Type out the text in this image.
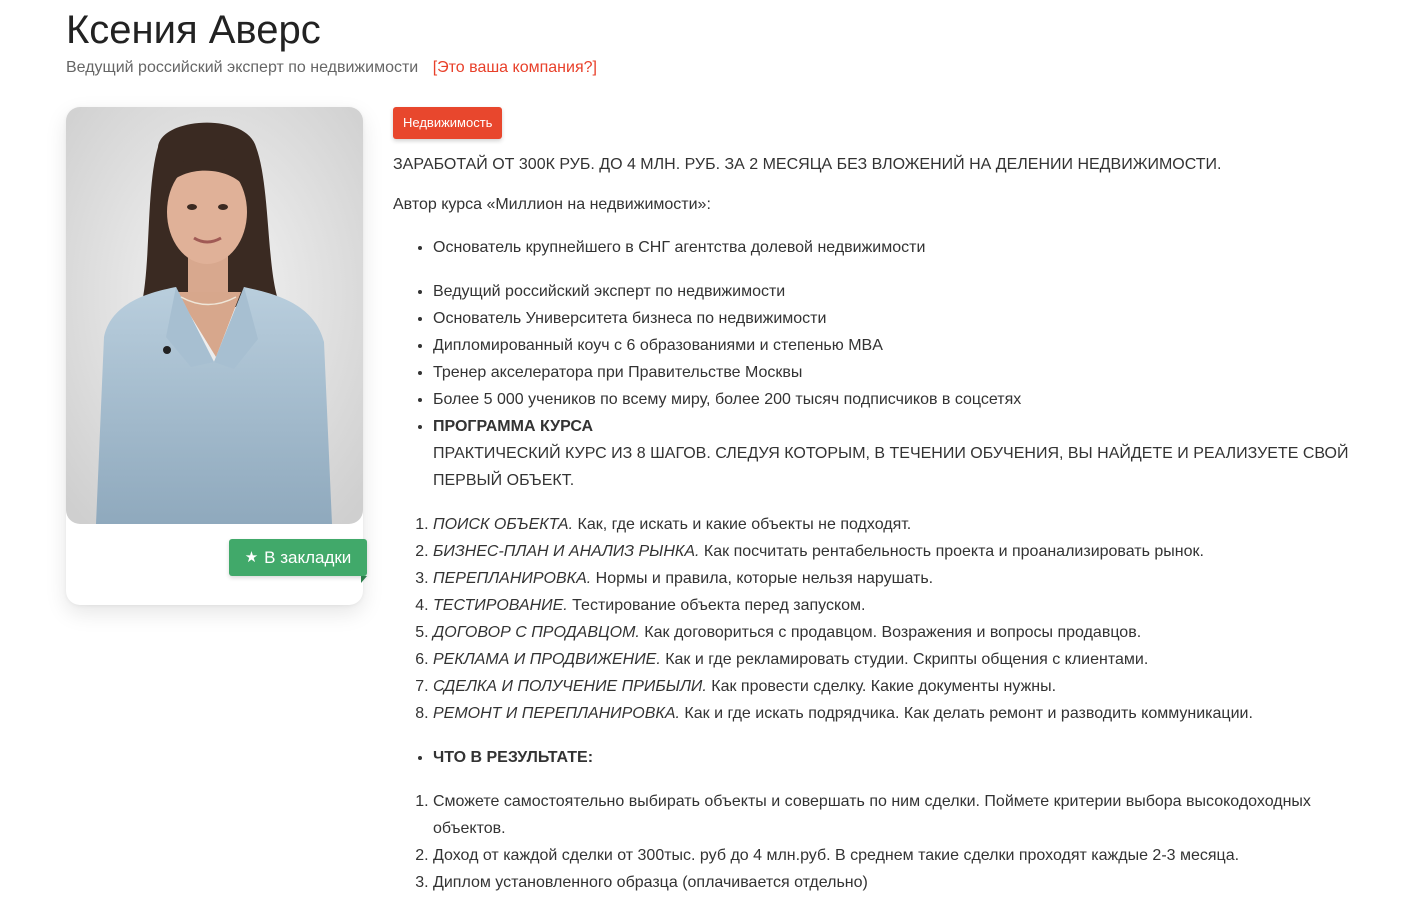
Ксения Аверс
Ведущий российский эксперт по недвижимости [Это ваша компания?]
★ В закладки
Недвижимость

ЗАРАБОТАЙ ОТ 300К РУБ. ДО 4 МЛН. РУБ. ЗА 2 МЕСЯЦА БЕЗ ВЛОЖЕНИЙ НА ДЕЛЕНИИ НЕДВИЖИМОСТИ.

Автор курса «Миллион на недвижимости»:

• Основатель крупнейшего в СНГ агентства долевой недвижимости
• Ведущий российский эксперт по недвижимости
• Основатель Университета бизнеса по недвижимости
• Дипломированный коуч с 6 образованиями и степенью MBA
• Тренер акселератора при Правительстве Москвы
• Более 5 000 учеников по всему миру, более 200 тысяч подписчиков в соцсетях
• ПРОГРАММА КУРСА
ПРАКТИЧЕСКИЙ КУРС ИЗ 8 ШАГОВ. СЛЕДУЯ КОТОРЫМ, В ТЕЧЕНИИ ОБУЧЕНИЯ, ВЫ НАЙДЕТЕ И РЕАЛИЗУЕТЕ СВОЙ ПЕРВЫЙ ОБЪЕКТ.
1. ПОИСК ОБЪЕКТА. Как, где искать и какие объекты не подходят.
2. БИЗНЕС-ПЛАН И АНАЛИЗ РЫНКА. Как посчитать рентабельность проекта и проанализировать рынок.
3. ПЕРЕПЛАНИРОВКА. Нормы и правила, которые нельзя нарушать.
4. ТЕСТИРОВАНИЕ. Тестирование объекта перед запуском.
5. ДОГОВОР С ПРОДАВЦОМ. Как договориться с продавцом. Возражения и вопросы продавцов.
6. РЕКЛАМА И ПРОДВИЖЕНИЕ. Как и где рекламировать студии. Скрипты общения с клиентами.
7. СДЕЛКА И ПОЛУЧЕНИЕ ПРИБЫЛИ. Как провести сделку. Какие документы нужны.
8. РЕМОНТ И ПЕРЕПЛАНИРОВКА. Как и где искать подрядчика. Как делать ремонт и разводить коммуникации.
• ЧТО В РЕЗУЛЬТАТЕ:
1. Сможете самостоятельно выбирать объекты и совершать по ним сделки. Поймете критерии выбора высокодоходных объектов.
2. Доход от каждой сделки от 300тыс. руб до 4 млн.руб. В среднем такие сделки проходят каждые 2-3 месяца.
3. Диплом установленного образца (оплачивается отдельно)
